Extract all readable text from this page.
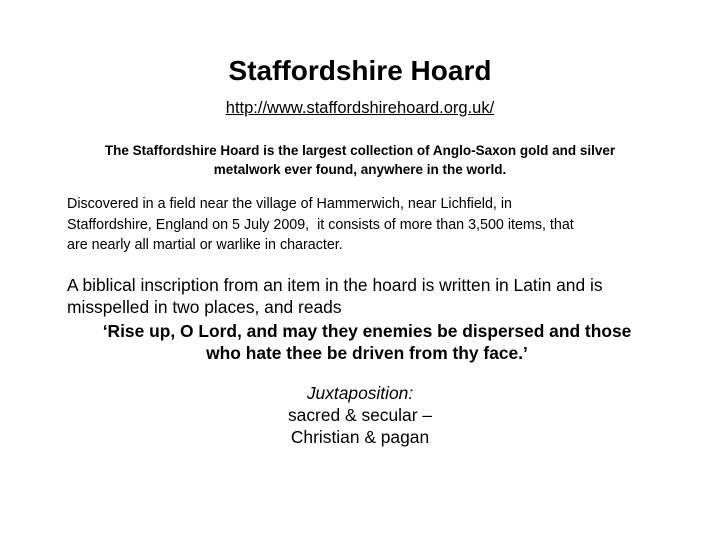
Staffordshire Hoard
http://www.staffordshirehoard.org.uk/
The Staffordshire Hoard is the largest collection of Anglo-Saxon gold and silver
metalwork ever found, anywhere in the world.
Discovered in a field near the village of Hammerwich, near Lichfield, in
Staffordshire, England on 5 July 2009,  it consists of more than 3,500 items, that
are nearly all martial or warlike in character.
A biblical inscription from an item in the hoard is written in Latin and is
misspelled in two places, and reads
‘Rise up, O Lord, and may they enemies be dispersed and those
who hate thee be driven from thy face.’
Juxtaposition:
sacred & secular –
Christian & pagan
